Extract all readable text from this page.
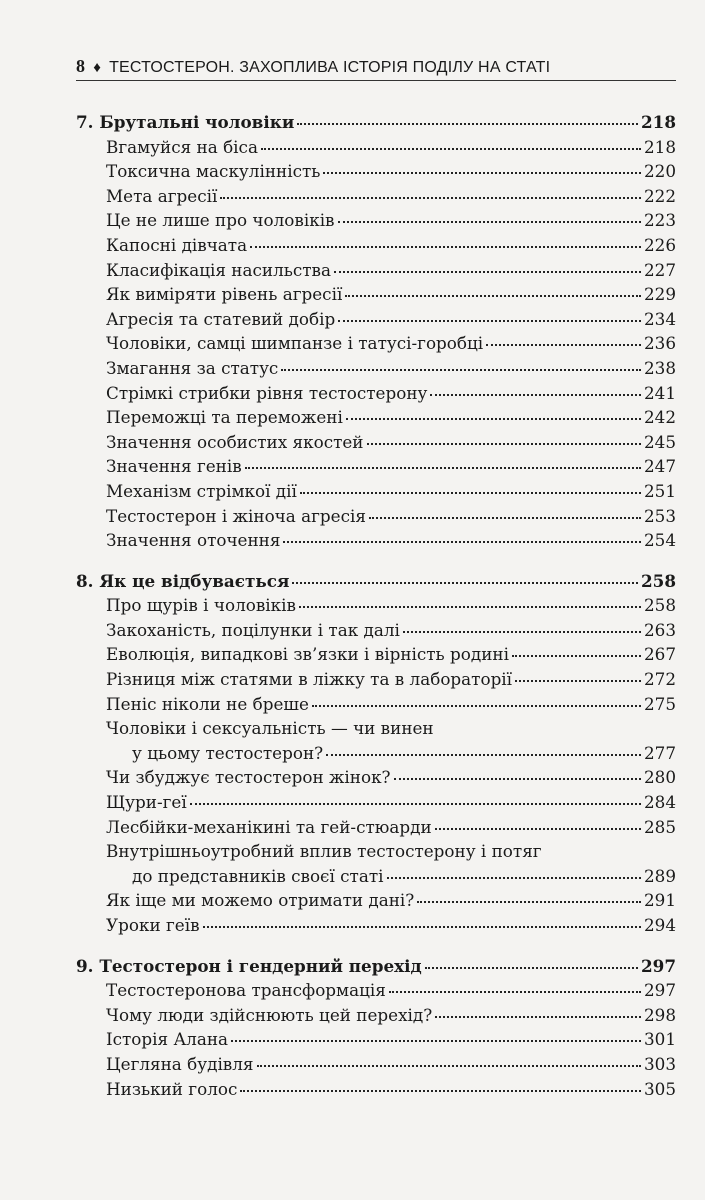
8 ♦ ТЕСТОСТЕРОН. ЗАХОПЛИВА ІСТОРІЯ ПОДІЛУ НА СТАТІ
7. Брутальні чоловіки	218
Вгамуйся на біса	218
Токсична маскулінність	220
Мета агресії	222
Це не лише про чоловіків	223
Капосні дівчата	226
Класифікація насильства	227
Як виміряти рівень агресії	229
Агресія та статевий добір	234
Чоловіки, самці шимпанзе і татусі-горобці	236
Змагання за статус	238
Стрімкі стрибки рівня тестостерону	241
Переможці та переможені	242
Значення особистих якостей	245
Значення генів	247
Механізм стрімкої дії	251
Тестостерон і жіноча агресія	253
Значення оточення	254
8. Як це відбувається	258
Про щурів і чоловіків	258
Закоханість, поцілунки і так далі	263
Еволюція, випадкові зв’язки і вірність родині	267
Різниця між статями в ліжку та в лабораторії	272
Пеніс ніколи не бреше	275
Чоловіки і сексуальність — чи винен
у цьому тестостерон?	277
Чи збуджує тестостерон жінок?	280
Щури-геї	284
Лесбійки-механікині та гей-стюарди	285
Внутрішньоутробний вплив тестостерону і потяг
до представників своєї статі	289
Як іще ми можемо отримати дані?	291
Уроки геїв	294
9. Тестостерон і гендерний перехід	297
Тестостеронова трансформація	297
Чому люди здійснюють цей перехід?	298
Історія Алана	301
Цегляна будівля	303
Низький голос	305
